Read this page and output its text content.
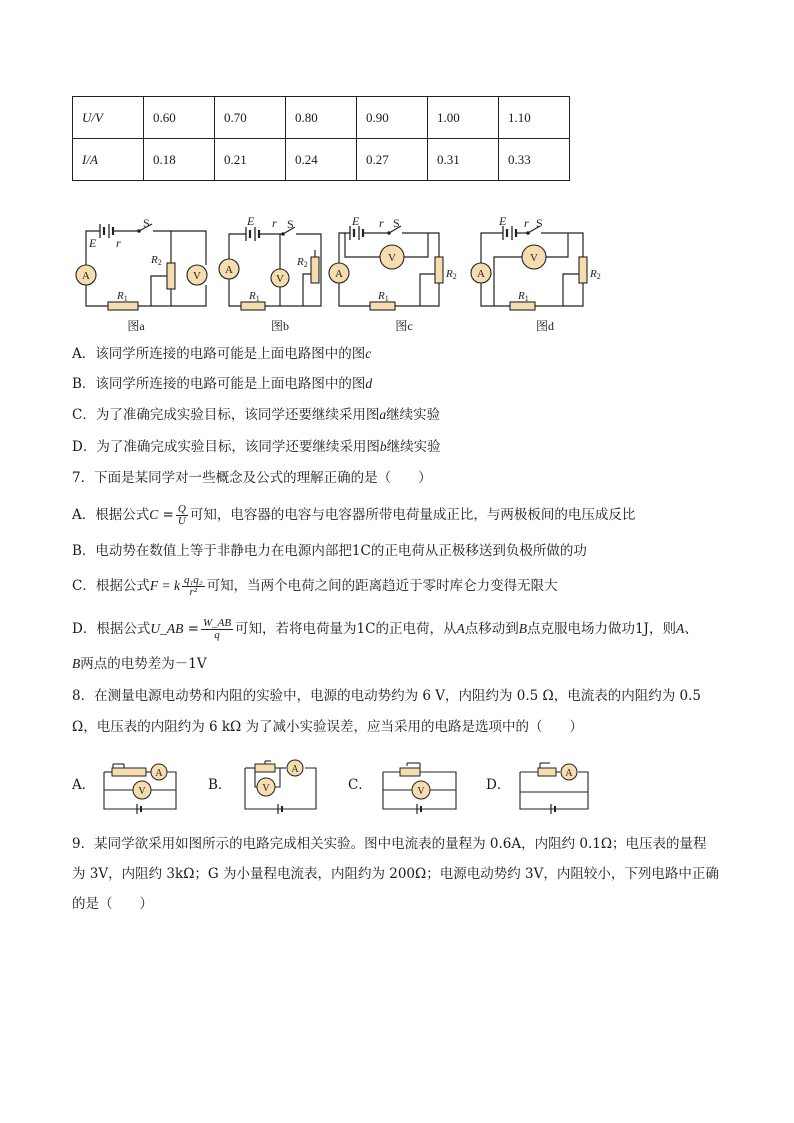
U/V	0.60	0.70	0.80	0.90	1.00	1.10
I/A	0.18	0.21	0.24	0.27	0.31	0.33
A	V A
V	A
V
A
V
E r
E r	E r	E r
S	S	S	S
R1	R1	R1	R1
R2	R2
R2	R2
图a	图b	图c	图d
A．该同学所连接的电路可能是上面电路图中的图c
B．该同学所连接的电路可能是上面电路图中的图d
C．为了准确完成实验目标，该同学还要继续采用图a继续实验
D．为了准确完成实验目标，该同学还要继续采用图b继续实验
7．下面是某同学对一些概念及公式的理解正确的是（　　）
A．根据公式$C = \frac{Q}{U}$ 可知，电容器的电容与电容器所带电荷量成正比，与两极板间的电压成反比
B．电动势在数值上等于非静电力在电源内部把1C的正电荷从正极移送到负极所做的功
C．根据公式F = k $\frac{\text{q₁q₂}}{\text{r²}}$ 可知，当两个电荷之间的距离趋近于零时库仑力变得无限大
D．根据公式U_AB = $\frac{W\_AB}{q}$ 可知，若将电荷量为1C的正电荷，从A点移动到B点克服电场力做功1J，则A、
B两点的电势差为－1V
8．在测量电源电动势和内阻的实验中，电源的电动势约为 6 V，内阻约为 0.5 Ω，电流表的内阻约为 0.5
Ω，电压表的内阻约为 6 kΩ 为了减小实验误差，应当采用的电路是选项中的（　　）
A．	B．	C．	D．
A
V
A
V	V
A
9．某同学欲采用如图所示的电路完成相关实验。图中电流表的量程为 0.6A，内阻约 0.1Ω；电压表的量程
为 3V，内阻约 3kΩ；G 为小量程电流表，内阻约为 200Ω；电源电动势约 3V，内阻较小，下列电路中正确
的是（　　）
